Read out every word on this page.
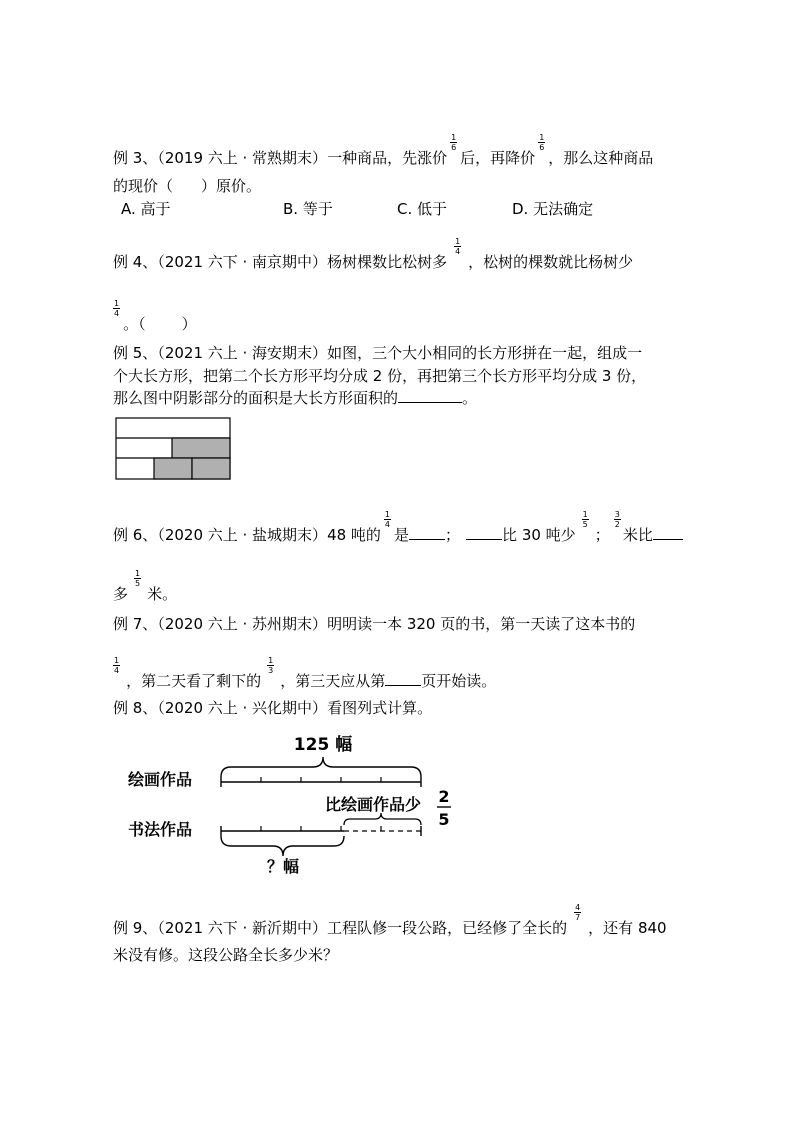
例 3、（2019 六上 · 常熟期末）一种商品，先涨价
$\frac{1}{6}$
后，再降价
$\frac{1}{6}$
，那么这种商品
的现价（ ）原价。
A. 高于	B. 等于	C. 低于	D. 无法确定
例 4、（2021 六下 · 南京期中）杨树棵数比松树多
$\frac{1}{4}$
，松树的棵数就比杨树少
$\frac{1}{4}$
。（ ）
例 5、（2021 六上 · 海安期末）如图，三个大小相同的长方形拼在一起，组成一
个大长方形，把第二个长方形平均分成 2 份，再把第三个长方形平均分成 3 份，
那么图中阴影部分的面积是大长方形面积的	。
例 6、（2020 六上 · 盐城期末）48 吨的
$\frac{1}{4}$
是 ；	比 30 吨少
$\frac{1}{5}$
；
$\frac{3}{2}$
米比
多
$\frac{1}{5}$
米。
例 7、（2020 六上 · 苏州期末）明明读一本 320 页的书，第一天读了这本书的
$\frac{1}{4}$
，第二天看了剩下的
$\frac{1}{3}$
，第三天应从第 页开始读。
例 8、（2020 六上 · 兴化期中）看图列式计算。
125 幅
绘画作品
比绘画作品少 2
5
书法作品
？幅
例 9、（2021 六下 · 新沂期中）工程队修一段公路，已经修了全长的
$\frac{4}{7}$
，还有 840
米没有修。这段公路全长多少米？
